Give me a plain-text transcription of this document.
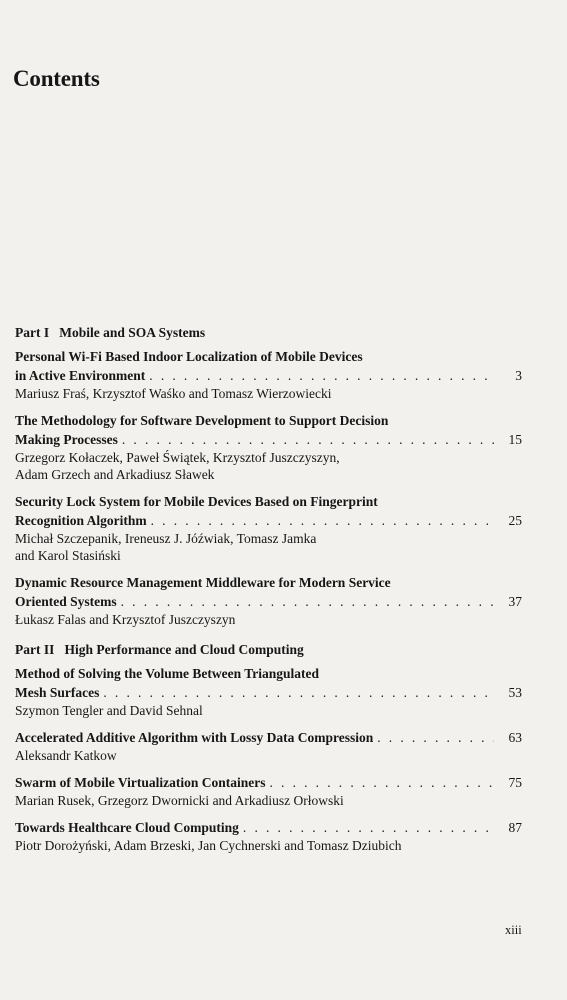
Contents
Part I   Mobile and SOA Systems
Personal Wi-Fi Based Indoor Localization of Mobile Devices
in Active Environment . . .	3
Mariusz Fraś, Krzysztof Waśko and Tomasz Wierzowiecki
The Methodology for Software Development to Support Decision
Making Processes . . .	15
Grzegorz Kołaczek, Paweł Świątek, Krzysztof Juszczyszyn,
Adam Grzech and Arkadiusz Sławek
Security Lock System for Mobile Devices Based on Fingerprint
Recognition Algorithm . . .	25
Michał Szczepanik, Ireneusz J. Jóźwiak, Tomasz Jamka
and Karol Stasiński
Dynamic Resource Management Middleware for Modern Service
Oriented Systems . . .	37
Łukasz Falas and Krzysztof Juszczyszyn
Part II   High Performance and Cloud Computing
Method of Solving the Volume Between Triangulated
Mesh Surfaces . . .	53
Szymon Tengler and David Sehnal
Accelerated Additive Algorithm with Lossy Data Compression . . .	63
Aleksandr Katkow
Swarm of Mobile Virtualization Containers . . .	75
Marian Rusek, Grzegorz Dwornicki and Arkadiusz Orłowski
Towards Healthcare Cloud Computing . . .	87
Piotr Dorożyński, Adam Brzeski, Jan Cychnerski and Tomasz Dziubich
xiii
